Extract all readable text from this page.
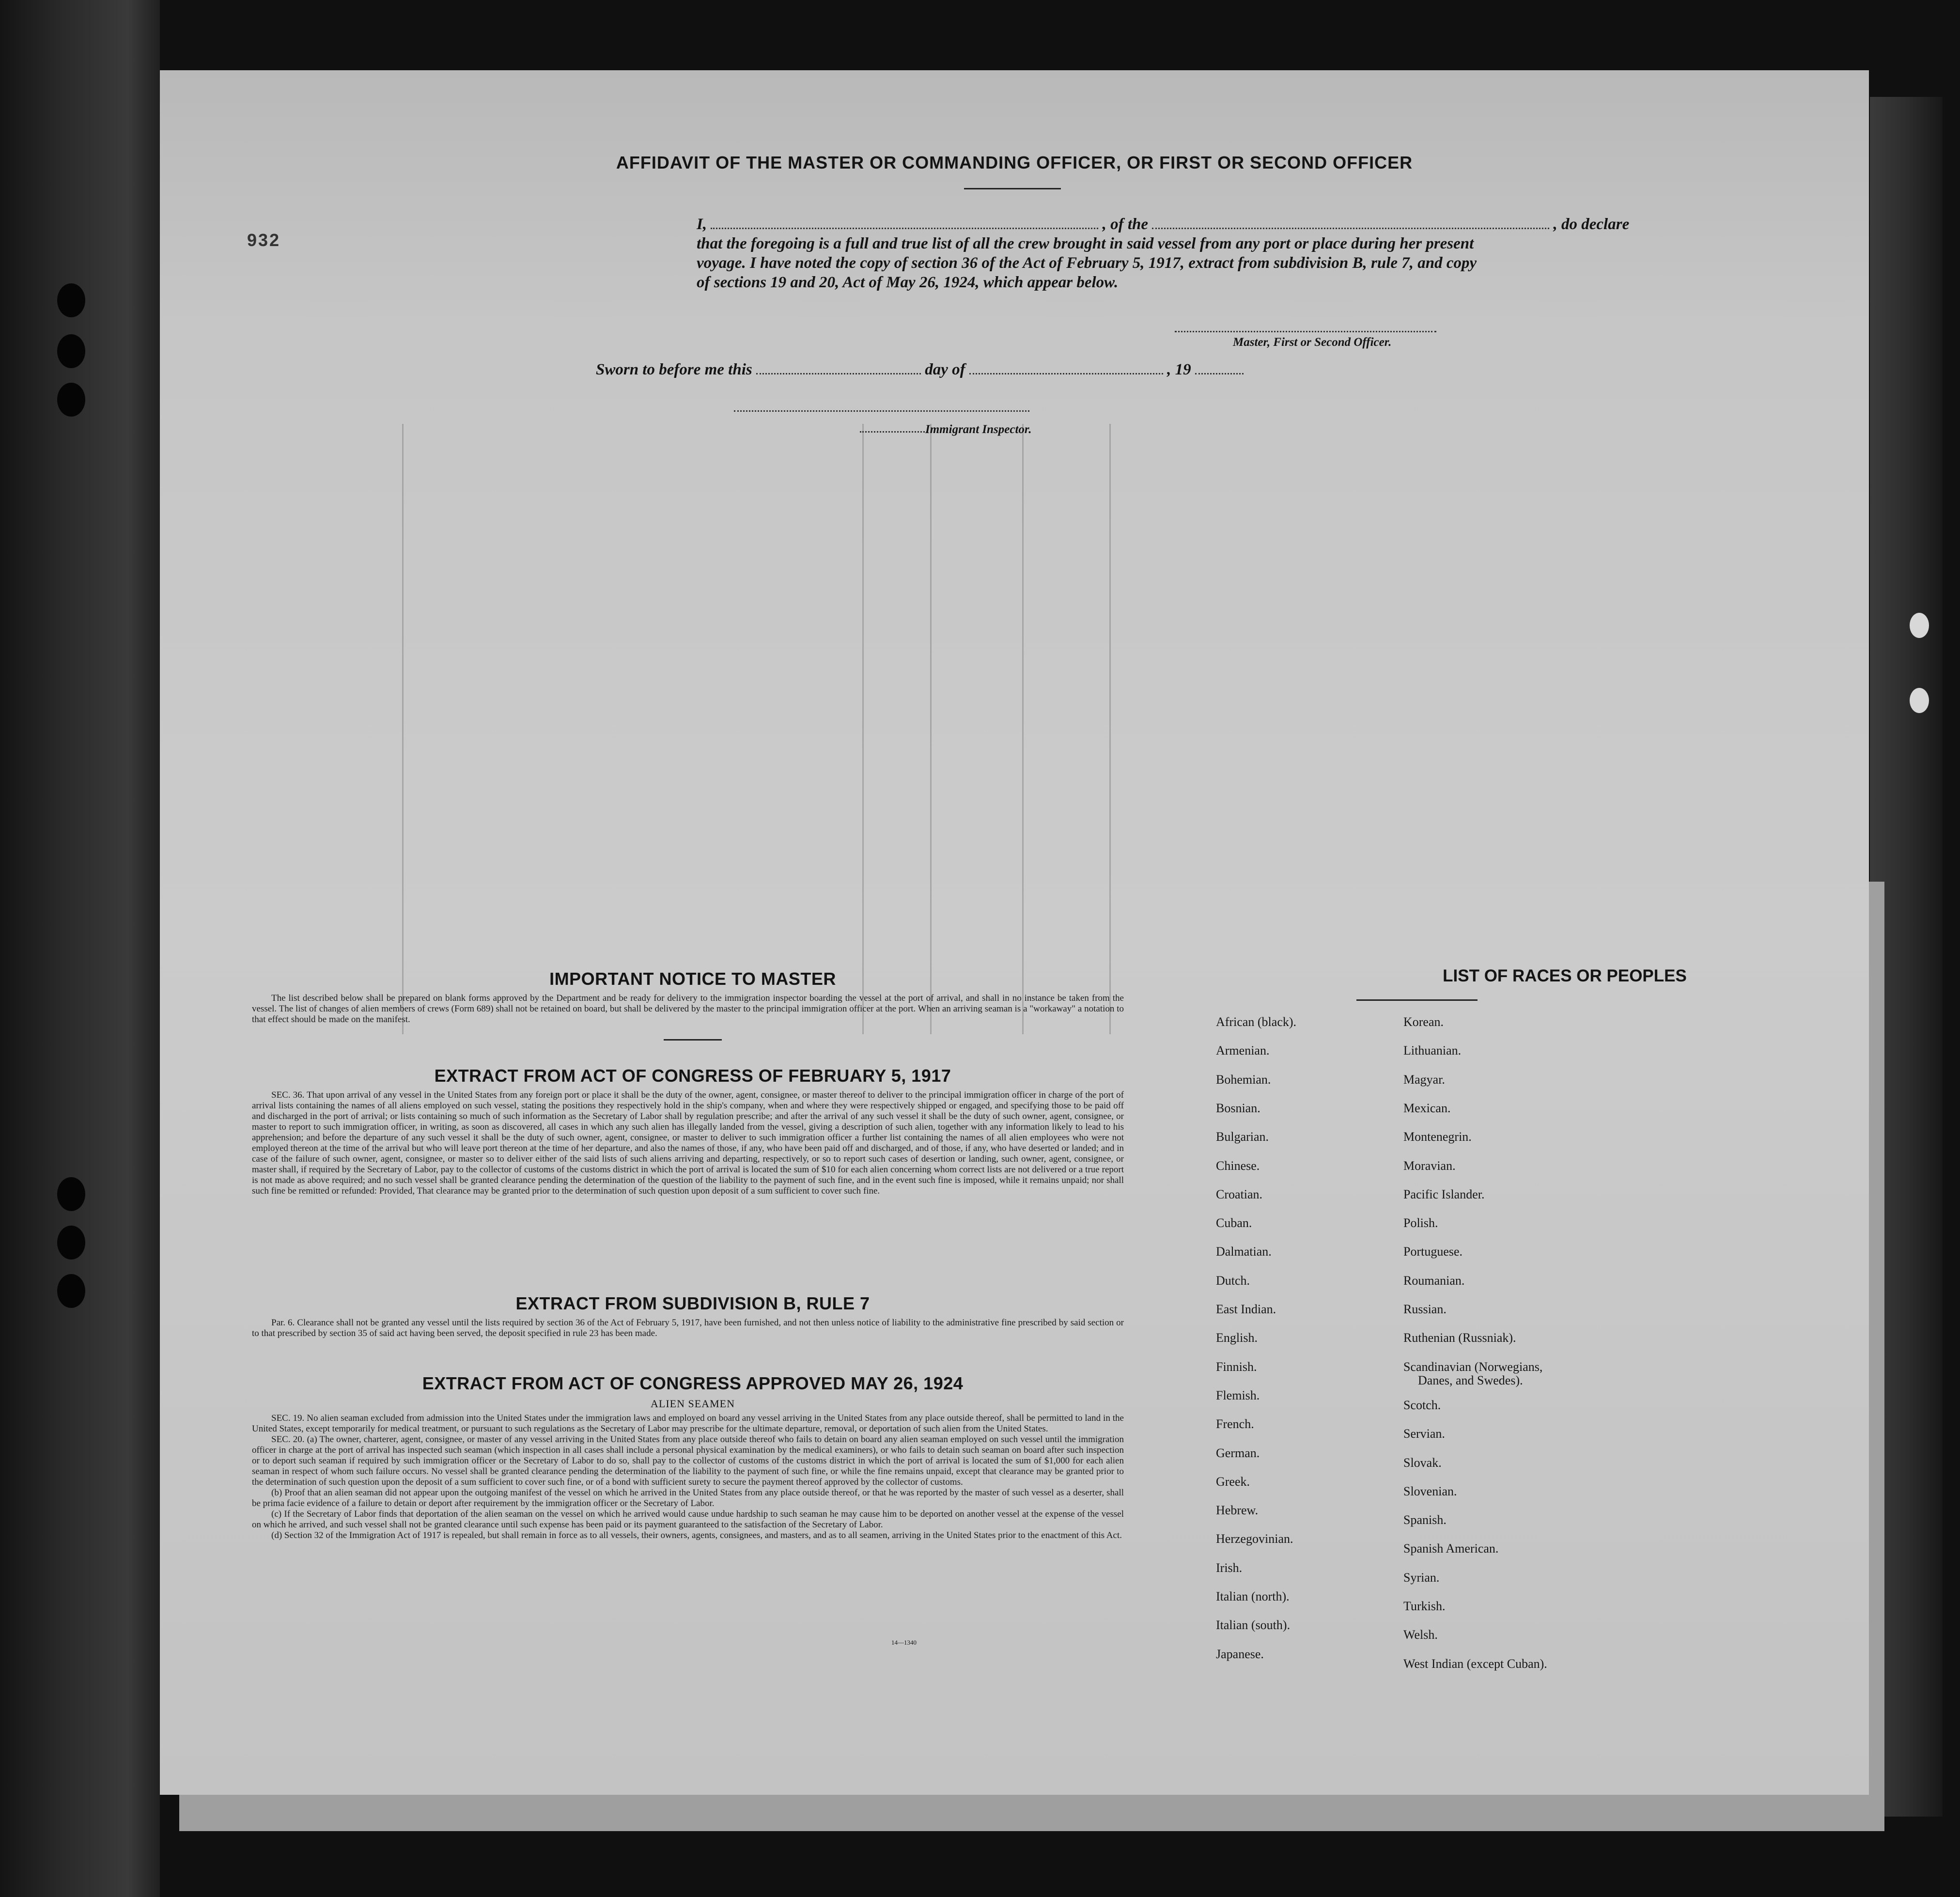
932
AFFIDAVIT OF THE MASTER OR COMMANDING OFFICER, OR FIRST OR SECOND OFFICER
I,	, of the	, do declare
that the foregoing is a full and true list of all the crew brought in said vessel from any port or place during her present
voyage. I have noted the copy of section 36 of the Act of February 5, 1917, extract from subdivision B, rule 7, and copy
of sections 19 and 20, Act of May 26, 1924, which appear below.
Master, First or Second Officer.
Sworn to before me this	day of	, 19
Immigrant Inspector.
IMPORTANT NOTICE TO MASTER

The list described below shall be prepared on blank forms approved by the Department and be ready for delivery to the immigration inspector boarding the vessel at the port of arrival, and shall in no instance be taken from the vessel. The list of changes of alien members of crews (Form 689) shall not be retained on board, but shall be delivered by the master to the principal immigration officer at the port. When an arriving seaman is a "workaway" a notation to that effect should be made on the manifest.

EXTRACT FROM ACT OF CONGRESS OF FEBRUARY 5, 1917

SEC. 36. That upon arrival of any vessel in the United States from any foreign port or place it shall be the duty of the owner, agent, consignee, or master thereof to deliver to the principal immigration officer in charge of the port of arrival lists containing the names of all aliens employed on such vessel, stating the positions they respectively hold in the ship's company, when and where they were respectively shipped or engaged, and specifying those to be paid off and discharged in the port of arrival; or lists containing so much of such information as the Secretary of Labor shall by regulation prescribe; and after the arrival of any such vessel it shall be the duty of such owner, agent, consignee, or master to report to such immigration officer, in writing, as soon as discovered, all cases in which any such alien has illegally landed from the vessel, giving a description of such alien, together with any information likely to lead to his apprehension; and before the departure of any such vessel it shall be the duty of such owner, agent, consignee, or master to deliver to such immigration officer a further list containing the names of all alien employees who were not employed thereon at the time of the arrival but who will leave port thereon at the time of her departure, and also the names of those, if any, who have been paid off and discharged, and of those, if any, who have deserted or landed; and in case of the failure of such owner, agent, consignee, or master so to deliver either of the said lists of such aliens arriving and departing, respectively, or so to report such cases of desertion or landing, such owner, agent, consignee, or master shall, if required by the Secretary of Labor, pay to the collector of customs of the customs district in which the port of arrival is located the sum of $10 for each alien concerning whom correct lists are not delivered or a true report is not made as above required; and no such vessel shall be granted clearance pending the determination of the question of the liability to the payment of such fine, and in the event such fine is imposed, while it remains unpaid; nor shall such fine be remitted or refunded: Provided, That clearance may be granted prior to the determination of such question upon deposit of a sum sufficient to cover such fine.

EXTRACT FROM SUBDIVISION B, RULE 7

Par. 6. Clearance shall not be granted any vessel until the lists required by section 36 of the Act of February 5, 1917, have been furnished, and not then unless notice of liability to the administrative fine prescribed by said section or to that prescribed by section 35 of said act having been served, the deposit specified in rule 23 has been made.

EXTRACT FROM ACT OF CONGRESS APPROVED MAY 26, 1924
ALIEN SEAMEN

SEC. 19. No alien seaman excluded from admission into the United States under the immigration laws and employed on board any vessel arriving in the United States from any place outside thereof, shall be permitted to land in the United States, except temporarily for medical treatment, or pursuant to such regulations as the Secretary of Labor may prescribe for the ultimate departure, removal, or deportation of such alien from the United States.

SEC. 20. (a) The owner, charterer, agent, consignee, or master of any vessel arriving in the United States from any place outside thereof who fails to detain on board any alien seaman employed on such vessel until the immigration officer in charge at the port of arrival has inspected such seaman (which inspection in all cases shall include a personal physical examination by the medical examiners), or who fails to detain such seaman on board after such inspection or to deport such seaman if required by such immigration officer or the Secretary of Labor to do so, shall pay to the collector of customs of the customs district in which the port of arrival is located the sum of $1,000 for each alien seaman in respect of whom such failure occurs. No vessel shall be granted clearance pending the determination of the liability to the payment of such fine, or while the fine remains unpaid, except that clearance may be granted prior to the determination of such question upon the deposit of a sum sufficient to cover such fine, or of a bond with sufficient surety to secure the payment thereof approved by the collector of customs.

(b) Proof that an alien seaman did not appear upon the outgoing manifest of the vessel on which he arrived in the United States from any place outside thereof, or that he was reported by the master of such vessel as a deserter, shall be prima facie evidence of a failure to detain or deport after requirement by the immigration officer or the Secretary of Labor.

(c) If the Secretary of Labor finds that deportation of the alien seaman on the vessel on which he arrived would cause undue hardship to such seaman he may cause him to be deported on another vessel at the expense of the vessel on which he arrived, and such vessel shall not be granted clearance until such expense has been paid or its payment guaranteed to the satisfaction of the Secretary of Labor.

(d) Section 32 of the Immigration Act of 1917 is repealed, but shall remain in force as to all vessels, their owners, agents, consignees, and masters, and as to all seamen, arriving in the United States prior to the enactment of this Act.

14—1340
LIST OF RACES OR PEOPLES
African (black).
Armenian.
Bohemian.
Bosnian.
Bulgarian.
Chinese.
Croatian.
Cuban.
Dalmatian.
Dutch.
East Indian.
English.
Finnish.
Flemish.
French.
German.
Greek.
Hebrew.
Herzegovinian.
Irish.
Italian (north).
Italian (south).
Japanese.
Korean.
Lithuanian.
Magyar.
Mexican.
Montenegrin.
Moravian.
Pacific Islander.
Polish.
Portuguese.
Roumanian.
Russian.
Ruthenian (Russniak).
Scandinavian (Norwegians,
Danes, and Swedes).
Scotch.
Servian.
Slovak.
Slovenian.
Spanish.
Spanish American.
Syrian.
Turkish.
Welsh.
West Indian (except Cuban).
